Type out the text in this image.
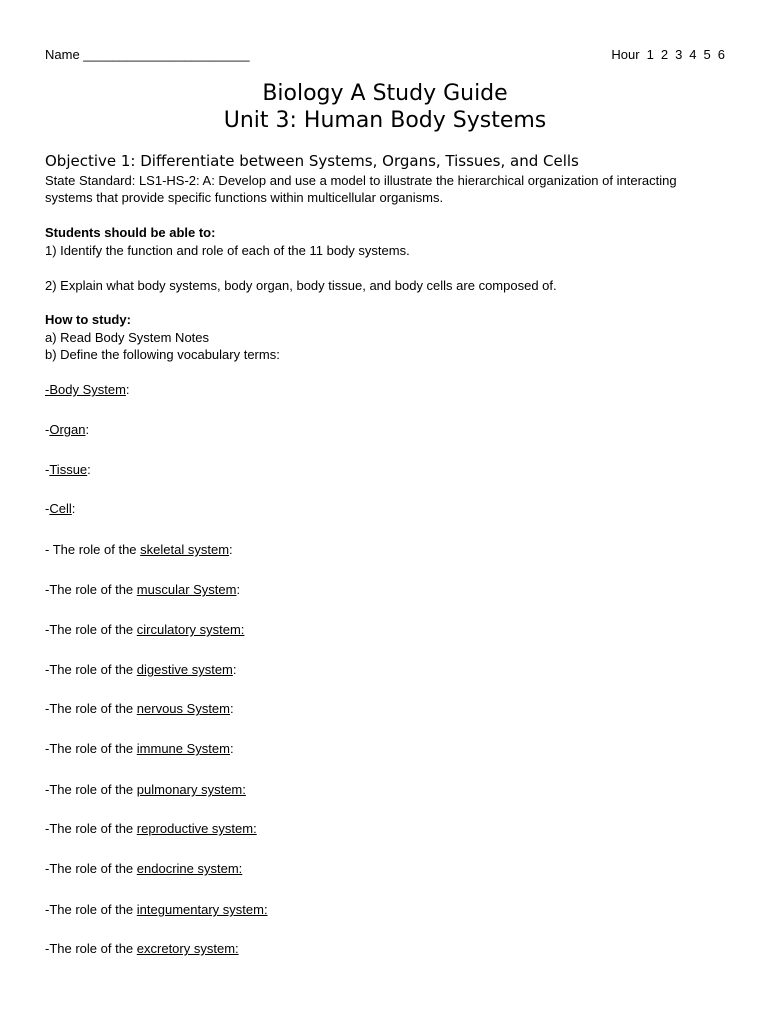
Name _______________________	Hour 1 2 3 4 5 6
Biology A Study Guide
Unit 3: Human Body Systems
Objective 1: Differentiate between Systems, Organs, Tissues, and Cells
State Standard: LS1-HS-2: A: Develop and use a model to illustrate the hierarchical organization of interacting systems that provide specific functions within multicellular organisms.
Students should be able to:
1) Identify the function and role of each of the 11 body systems.
2) Explain what body systems, body organ, body tissue, and body cells are composed of.
How to study:
a) Read Body System Notes
b) Define the following vocabulary terms:
-Body System:
-Organ:
-Tissue:
-Cell:
- The role of the skeletal system:
-The role of the muscular System:
-The role of the circulatory system:
-The role of the digestive system:
-The role of the nervous System:
-The role of the immune System:
-The role of the pulmonary system:
-The role of the reproductive system:
-The role of the endocrine system:
-The role of the integumentary system:
-The role of the excretory system:
